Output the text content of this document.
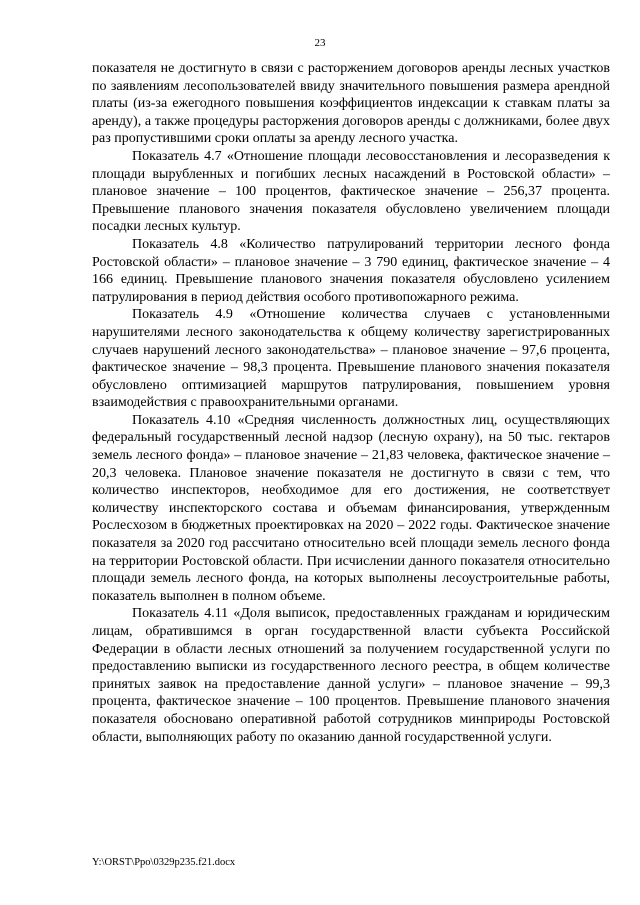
23

показателя не достигнуто в связи с расторжением договоров аренды лесных участков по заявлениям лесопользователей ввиду значительного повышения размера арендной платы (из-за ежегодного повышения коэффициентов индексации к ставкам платы за аренду), а также процедуры расторжения договоров аренды с должниками, более двух раз пропустившими сроки оплаты за аренду лесного участка.

Показатель 4.7 «Отношение площади лесовосстановления и лесоразведения к площади вырубленных и погибших лесных насаждений в Ростовской области» – плановое значение – 100 процентов, фактическое значение – 256,37 процента. Превышение планового значения показателя обусловлено увеличением площади посадки лесных культур.

Показатель 4.8 «Количество патрулирований территории лесного фонда Ростовской области» – плановое значение – 3 790 единиц, фактическое значение – 4 166 единиц. Превышение планового значения показателя обусловлено усилением патрулирования в период действия особого противопожарного режима.

Показатель 4.9 «Отношение количества случаев с установленными нарушителями лесного законодательства к общему количеству зарегистрированных случаев нарушений лесного законодательства» – плановое значение – 97,6 процента, фактическое значение – 98,3 процента. Превышение планового значения показателя обусловлено оптимизацией маршрутов патрулирования, повышением уровня взаимодействия с правоохранительными органами.

Показатель 4.10 «Средняя численность должностных лиц, осуществляющих федеральный государственный лесной надзор (лесную охрану), на 50 тыс. гектаров земель лесного фонда» – плановое значение – 21,83 человека, фактическое значение – 20,3 человека. Плановое значение показателя не достигнуто в связи с тем, что количество инспекторов, необходимое для его достижения, не соответствует количеству инспекторского состава и объемам финансирования, утвержденным Рослесхозом в бюджетных проектировках на 2020 – 2022 годы. Фактическое значение показателя за 2020 год рассчитано относительно всей площади земель лесного фонда на территории Ростовской области. При исчислении данного показателя относительно площади земель лесного фонда, на которых выполнены лесоустроительные работы, показатель выполнен в полном объеме.

Показатель 4.11 «Доля выписок, предоставленных гражданам и юридическим лицам, обратившимся в орган государственной власти субъекта Российской Федерации в области лесных отношений за получением государственной услуги по предоставлению выписки из государственного лесного реестра, в общем количестве принятых заявок на предоставление данной услуги» – плановое значение – 99,3 процента, фактическое значение – 100 процентов. Превышение планового значения показателя обосновано оперативной работой сотрудников минприроды Ростовской области, выполняющих работу по оказанию данной государственной услуги.

Y:\ORST\Ppo\0329p235.f21.docx
